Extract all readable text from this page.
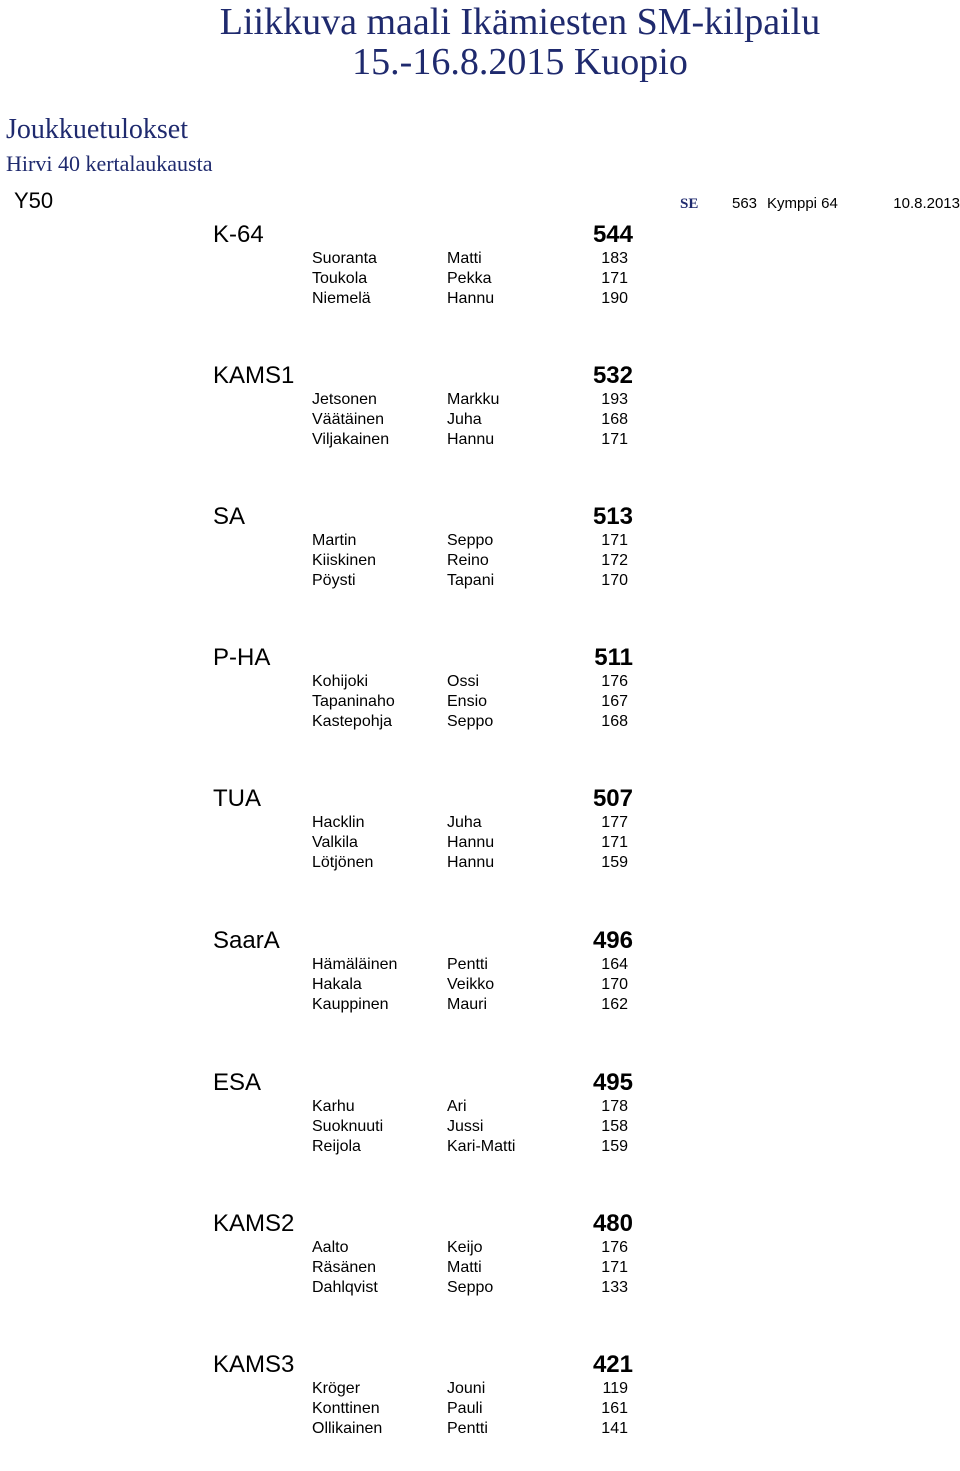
Liikkuva maali Ikämiesten SM-kilpailu
15.-16.8.2015 Kuopio
Joukkuetulokset
Hirvi 40 kertalaukausta
Y50	SE 563 Kymppi 64	10.8.2013
K-64	544
Suoranta	Matti	183
Toukola	Pekka	171
Niemelä	Hannu	190
KAMS1	532
Jetsonen	Markku	193
Väätäinen	Juha	168
Viljakainen	Hannu	171
SA	513
Martin	Seppo	171
Kiiskinen	Reino	172
Pöysti	Tapani	170
P-HA	511
Kohijoki	Ossi	176
Tapaninaho	Ensio	167
Kastepohja	Seppo	168
TUA	507
Hacklin	Juha	177
Valkila	Hannu	171
Lötjönen	Hannu	159
SaarA	496
Hämäläinen	Pentti	164
Hakala	Veikko	170
Kauppinen	Mauri	162
ESA	495
Karhu	Ari	178
Suoknuuti	Jussi	158
Reijola	Kari-Matti	159
KAMS2	480
Aalto	Keijo	176
Räsänen	Matti	171
Dahlqvist	Seppo	133
KAMS3	421
Kröger	Jouni	119
Konttinen	Pauli	161
Ollikainen	Pentti	141
